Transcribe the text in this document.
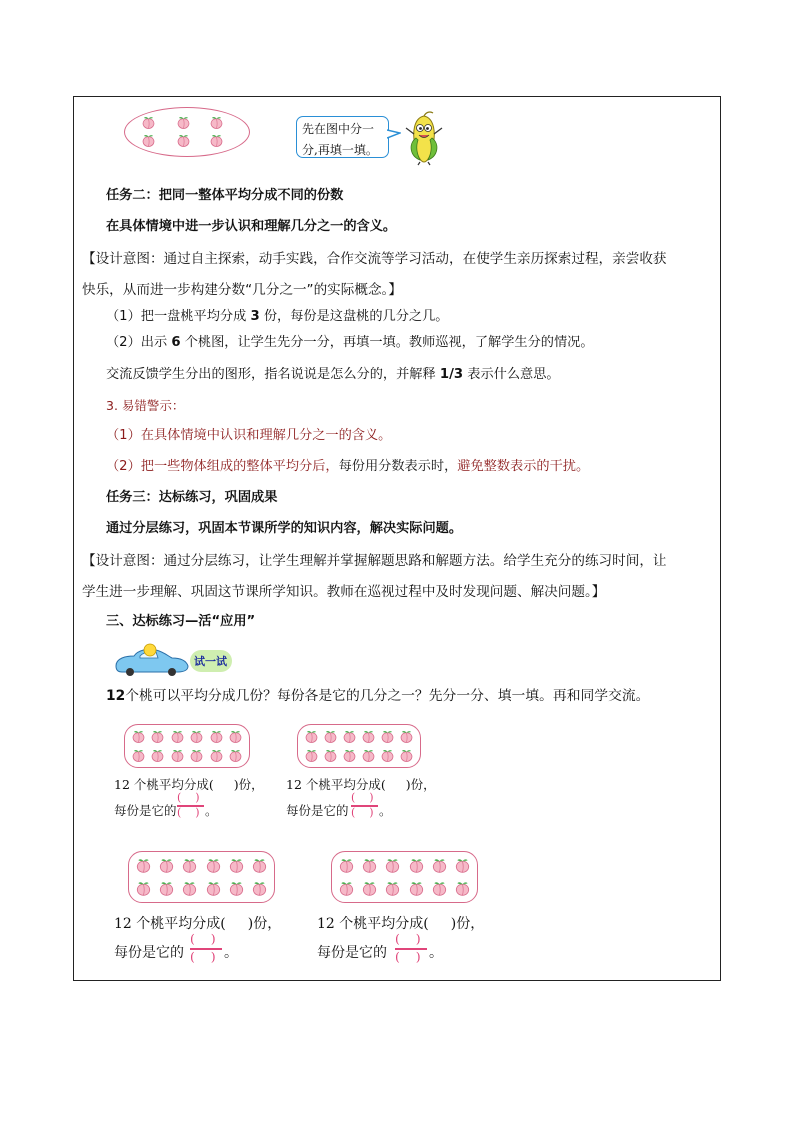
先在图中分一
分,再填一填。
任务二：把同一整体平均分成不同的份数
在具体情境中进一步认识和理解几分之一的含义。
【设计意图：通过自主探索，动手实践，合作交流等学习活动，在使学生亲历探索过程，亲尝收获
快乐，从而进一步构建分数“几分之一”的实际概念。】
（1）把一盘桃平均分成 3 份，每份是这盘桃的几分之几。
（2）出示 6 个桃图，让学生先分一分，再填一填。教师巡视，了解学生分的情况。
交流反馈学生分出的图形，指名说说是怎么分的，并解释 1/3 表示什么意思。
3. 易错警示：
（1）在具体情境中认识和理解几分之一的含义。
（2）把一些物体组成的整体平均分后，每份用分数表示时，避免整数表示的干扰。
任务三：达标练习，巩固成果
通过分层练习，巩固本节课所学的知识内容，解决实际问题。
【设计意图：通过分层练习，让学生理解并掌握解题思路和解题方法。给学生充分的练习时间，让
学生进一步理解、巩固这节课所学知识。教师在巡视过程中及时发现问题、解决问题。】
三、达标练习—活“应用”
试一试
12个桃可以平均分成几份？每份各是它的几分之一？先分一分、填一填。再和同学交流。
12 个桃平均分成( )份，
每份是它的
(    )
(    ) 。
12 个桃平均分成( )份，
每份是它的
(    )
(    ) 。
12 个桃平均分成( )份，
每份是它的
(    )
(    ) 。
12 个桃平均分成( )份，
每份是它的
(    )
(    ) 。
